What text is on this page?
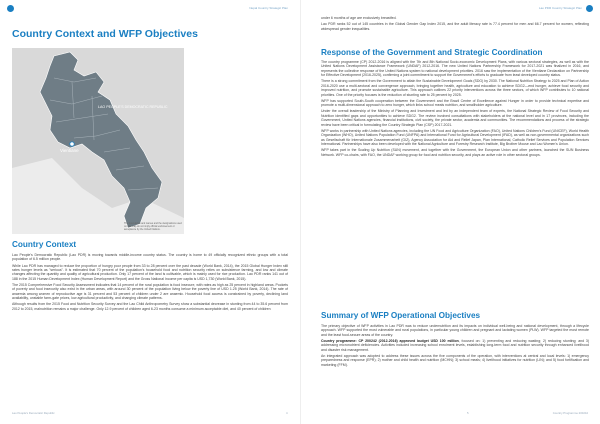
Nepal Country Strategic Plan
Country Context and WFP Objectives
Vientiane
LAO PEOPLE'S DEMOCRATIC REPUBLIC
The boundaries and names and the designations used on this map do not imply official endorsement or acceptance by the United Nations.
Country Context

Lao People's Democratic Republic (Lao PDR) is moving towards middle-income country status. The country is home to 49 officially recognized ethnic groups with a total population of 6.5 million people.

While Lao PDR has managed to reduce the proportion of hungry poor people from 33 to 28 percent over the past decade (World Bank, 2014), the 2015 Global Hunger Index still rates hunger levels as "serious". It is estimated that 70 percent of the population's household food and nutrition security relies on subsistence farming, and low and climate changes affecting the quantity and quality of agricultural production. Only 17 percent of the land is cultivable, which is mainly used for rice production. Lao PDR ranks 141 out of 188 in the 2015 Human Development Index (Human Development Report) and the Gross National Income per capita is USD 1,730 (World Bank, 2015).

The 2015 Comprehensive Food Security Assessment indicates that 14 percent of the rural population is food insecure, with rates as high as 25 percent in highland areas. Pockets of poverty and food insecurity also exist in the urban areas, with around 30 percent of the population living below the poverty line of USD 1.25 (World Bank, 2014). The rate of anaemia among women of reproductive age is 31 percent and 53 percent of children under 2 are anaemic. Household food access is constrained by poverty, declining land availability, unstable farm-gate prices, low agricultural productivity, and changing climate patterns.

Although results from the 2015 Food and Nutrition Security Survey and the Lao Child Anthropometry Survey show a substantial decrease in stunting from 44 to 35.6 percent from 2012 to 2015, malnutrition remains a major challenge. Only 12.9 percent of children aged 6-23 months consume a minimum acceptable diet, and 40 percent of children

Lao People's Democratic Republic	4
Lao PDR Country Strategic Plan

under 6 months of age are exclusively breastfed.

Lao PDR ranks 52 out of 145 countries in the Global Gender Gap Index 2015, and the adult literacy rate is 77.4 percent for men and 66.7 percent for women, reflecting widespread gender inequalities.

Response of the Government and Strategic Coordination

The country programme (CP) 2012-2016 is aligned with the 7th and 8th National Socio-economic Development Plans, with various sectoral strategies, as well as with the United Nations Development Assistance Framework (UNDAF) 2012-2016. The new United Nations Partnership Framework for 2017-2021 was finalized in 2016, and represents the collective response of the United Nations system to national development priorities. 2016 saw the implementation of the Vientiane Declaration on Partnership for Effective Development (2016-2025), confirming a joint commitment to support the Government's efforts to graduate from least developed country status.

There is a strong commitment from the Government to attain the Sustainable Development Goals (SDG) by 2030. The National Nutrition Strategy to 2025 and Plan of Action 2016-2020 use a multi-sectoral and convergence approach, bringing together health, agriculture and education to achieve SDG2—end hunger, achieve food security and improved nutrition, and promote sustainable agriculture. This approach outlines 22 priority interventions across the three sectors, of which WFP contributes to 10 national priorities. One of the priority focuses is the reduction of stunting rate to 25 percent by 2025.

WFP has supported South-South cooperation between the Government and the Brazil Centre of Excellence against Hunger in order to provide technical expertise and promote a multi-dimensional approach to zero hunger, which links school meals nutrition, and smallholder agriculture.

Under the overall leadership of the Ministry of Planning and Investment and led by an independent team of experts, the National Strategic Review of Food Security and Nutrition identified gaps and opportunities to achieve SDG2. The review involved consultations with stakeholders at the national level and in 17 provinces, including the Government, United Nations agencies, financial institutions, civil society, the private sector, academia and communities. The recommendations and process of the strategic review have been critical in formulating the Country Strategic Plan (CSP) 2017-2021.

WFP works in partnership with United Nations agencies, including the UN Food and Agriculture Organization (FAO), United Nations Children's Fund (UNICEF), World Health Organization (WHO), United Nations Population Fund (UNFPA) and International Fund for Agricultural Development (IFAD), as well as non-governmental organizations such as Gesellschaft für Internationale Zusammenarbeit (GIZ), Agency Association for Aid and Relief Japan, Plan International, Catholic Relief Services and Population Services International. Partnerships have also been developed with the National Agriculture and Forestry Research Institute, Big Brother Mouse and Lao Women's Union.

WFP takes part in the Scaling Up Nutrition (SUN) movement, and together with the Government, the European Union and other partners, launched the SUN Business Network. WFP co-chairs, with FAO, the UNDAF working group for food and nutrition security, and plays an active role in other sectoral groups.

Summary of WFP Operational Objectives

The primary objective of WFP activities in Lao PDR was to reduce undernutrition and its impacts on individual well-being and national development, through a lifecycle approach. WFP supported the most vulnerable and rural populations, in particular young children and pregnant and lactating women (PLW). WFP targeted the most remote and the least food-secure areas of the country.

Country programme: CP 200242 (2012-2016) approved budget USD 100 million, focused on: 1) preventing and reducing wasting; 2) reducing stunting; and 3) addressing micronutrient deficiencies. Activities included increasing school enrolment levels, establishing long-term food and nutrition security through enhanced livelihood and disaster risk management.

An integrated approach was adopted to address these issues across the five components of the operation, with interventions at central and local levels: 1) emergency preparedness and response (EPR); 2) mother and child health and nutrition (MCHN); 3) school meals; 4) livelihood initiatives for nutrition (LIN); and 5) food fortification and marketing (FFM).

5	Country Programme 200242
